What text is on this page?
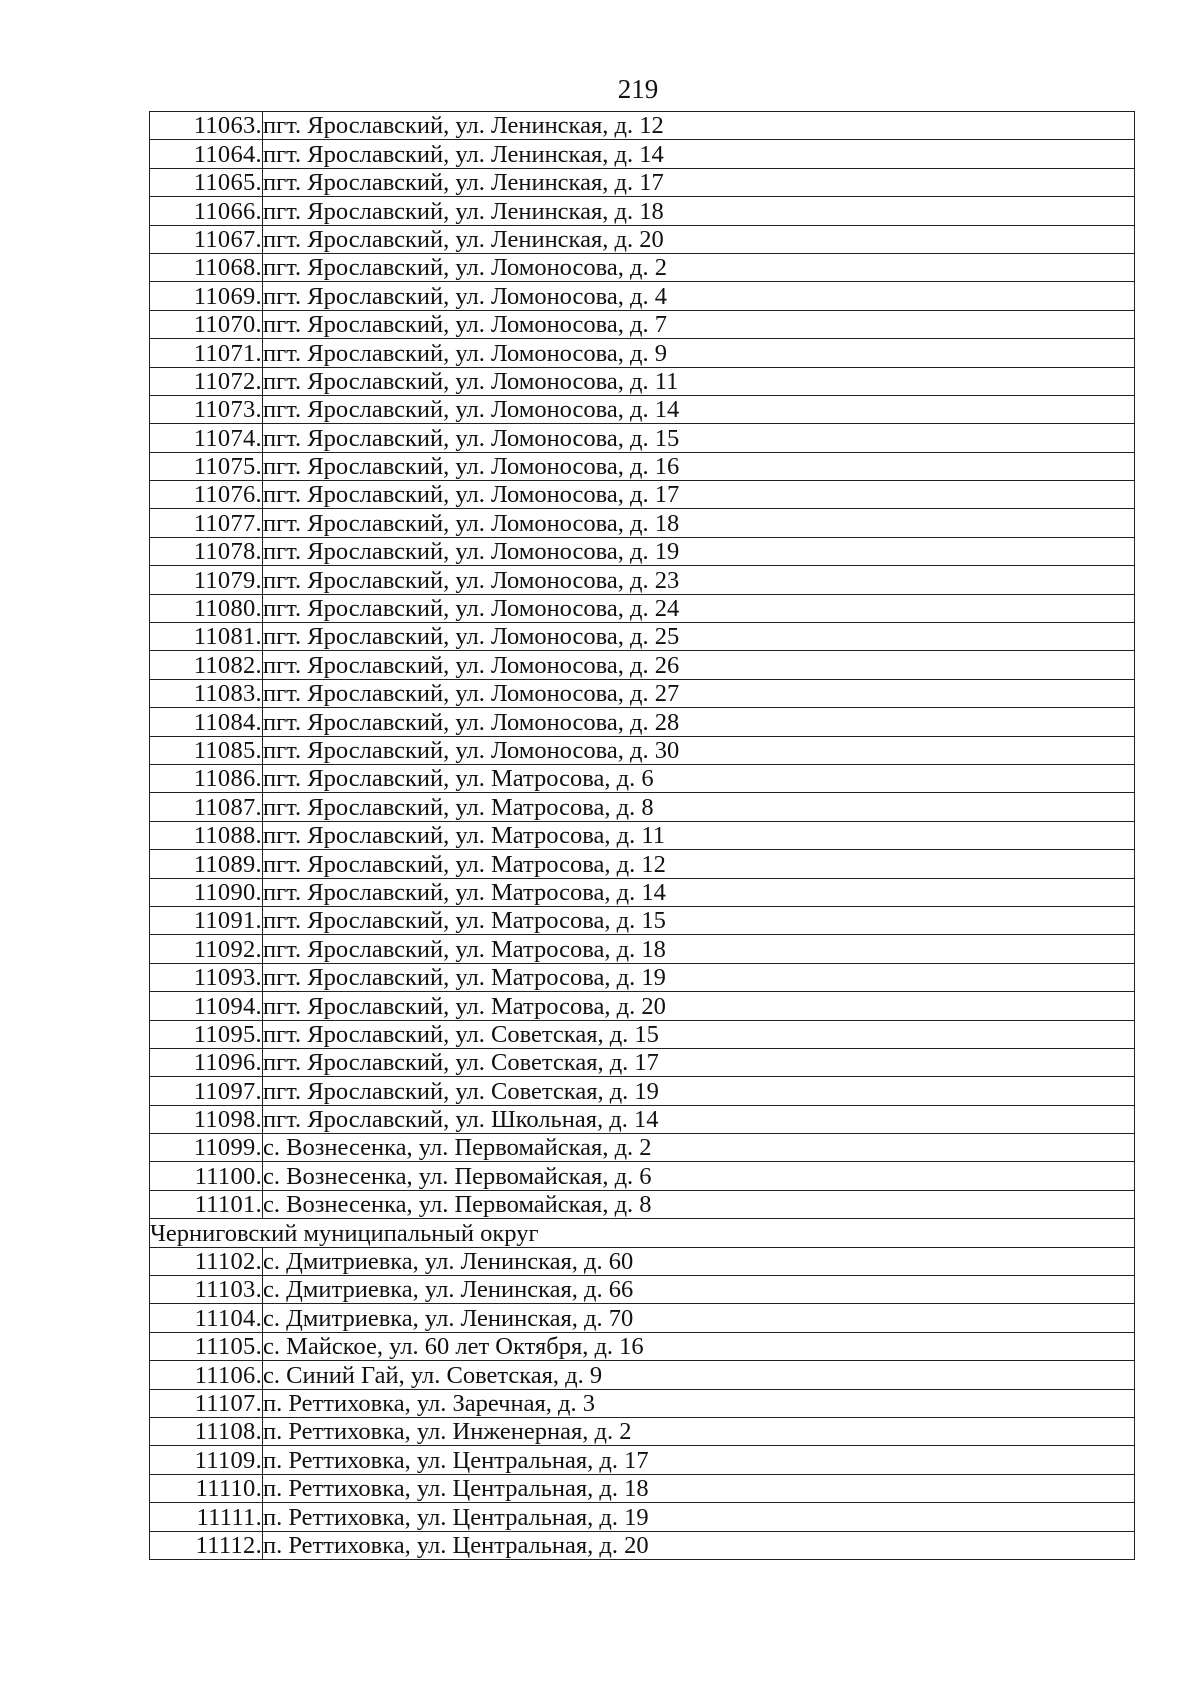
219
11063.	пгт. Ярославский, ул. Ленинская, д. 12
11064.	пгт. Ярославский, ул. Ленинская, д. 14
11065.	пгт. Ярославский, ул. Ленинская, д. 17
11066.	пгт. Ярославский, ул. Ленинская, д. 18
11067.	пгт. Ярославский, ул. Ленинская, д. 20
11068.	пгт. Ярославский, ул. Ломоносова, д. 2
11069.	пгт. Ярославский, ул. Ломоносова, д. 4
11070.	пгт. Ярославский, ул. Ломоносова, д. 7
11071.	пгт. Ярославский, ул. Ломоносова, д. 9
11072.	пгт. Ярославский, ул. Ломоносова, д. 11
11073.	пгт. Ярославский, ул. Ломоносова, д. 14
11074.	пгт. Ярославский, ул. Ломоносова, д. 15
11075.	пгт. Ярославский, ул. Ломоносова, д. 16
11076.	пгт. Ярославский, ул. Ломоносова, д. 17
11077.	пгт. Ярославский, ул. Ломоносова, д. 18
11078.	пгт. Ярославский, ул. Ломоносова, д. 19
11079.	пгт. Ярославский, ул. Ломоносова, д. 23
11080.	пгт. Ярославский, ул. Ломоносова, д. 24
11081.	пгт. Ярославский, ул. Ломоносова, д. 25
11082.	пгт. Ярославский, ул. Ломоносова, д. 26
11083.	пгт. Ярославский, ул. Ломоносова, д. 27
11084.	пгт. Ярославский, ул. Ломоносова, д. 28
11085.	пгт. Ярославский, ул. Ломоносова, д. 30
11086.	пгт. Ярославский, ул. Матросова, д. 6
11087.	пгт. Ярославский, ул. Матросова, д. 8
11088.	пгт. Ярославский, ул. Матросова, д. 11
11089.	пгт. Ярославский, ул. Матросова, д. 12
11090.	пгт. Ярославский, ул. Матросова, д. 14
11091.	пгт. Ярославский, ул. Матросова, д. 15
11092.	пгт. Ярославский, ул. Матросова, д. 18
11093.	пгт. Ярославский, ул. Матросова, д. 19
11094.	пгт. Ярославский, ул. Матросова, д. 20
11095.	пгт. Ярославский, ул. Советская, д. 15
11096.	пгт. Ярославский, ул. Советская, д. 17
11097.	пгт. Ярославский, ул. Советская, д. 19
11098.	пгт. Ярославский, ул. Школьная, д. 14
11099.	с. Вознесенка, ул. Первомайская, д. 2
11100.	с. Вознесенка, ул. Первомайская, д. 6
11101.	с. Вознесенка, ул. Первомайская, д. 8
Черниговский муниципальный округ	
11102.	с. Дмитриевка, ул. Ленинская, д. 60
11103.	с. Дмитриевка, ул. Ленинская, д. 66
11104.	с. Дмитриевка, ул. Ленинская, д. 70
11105.	с. Майское, ул. 60 лет Октября, д. 16
11106.	с. Синий Гай, ул. Советская, д. 9
11107.	п. Реттиховка, ул. Заречная, д. 3
11108.	п. Реттиховка, ул. Инженерная, д. 2
11109.	п. Реттиховка, ул. Центральная, д. 17
11110.	п. Реттиховка, ул. Центральная, д. 18
11111.	п. Реттиховка, ул. Центральная, д. 19
11112.	п. Реттиховка, ул. Центральная, д. 20
